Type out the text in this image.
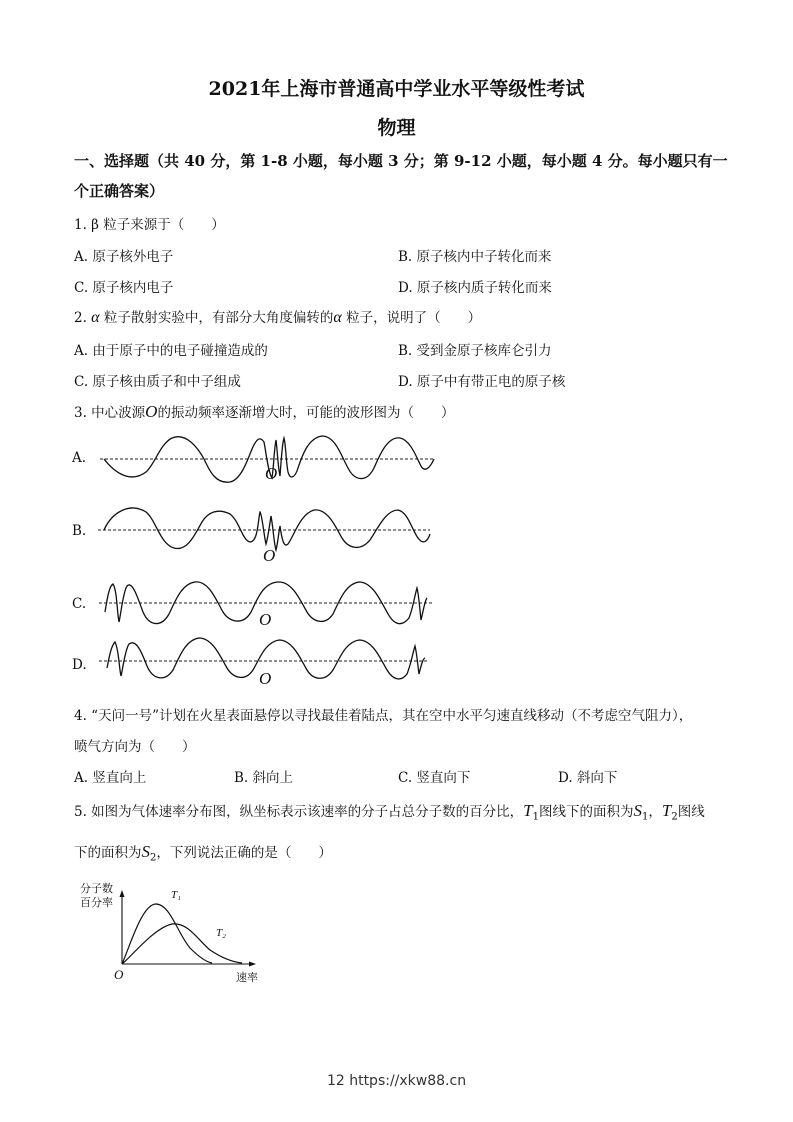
2021年上海市普通高中学业水平等级性考试
物理
一、选择题（共 40 分，第 1-8 小题，每小题 3 分；第 9-12 小题，每小题 4 分。每小题只有一
个正确答案）
1. β 粒子来源于（　　）
A. 原子核外电子	B. 原子核内中子转化而来
C. 原子核内电子	D. 原子核内质子转化而来
2. α 粒子散射实验中，有部分大角度偏转的α 粒子，说明了（　　）
A. 由于原子中的电子碰撞造成的	B. 受到金原子核库仑引力
C. 原子核由质子和中子组成	D. 原子中有带正电的原子核
3. 中心波源O的振动频率逐渐增大时，可能的波形图为（　　）
A.
B.
C.
D.
O
O
O
O
4. “天问一号”计划在火星表面悬停以寻找最佳着陆点，其在空中水平匀速直线移动（不考虑空气阻力），
喷气方向为（　　）
A. 竖直向上	B. 斜向上	C. 竖直向下	D. 斜向下
5. 如图为气体速率分布图，纵坐标表示该速率的分子占总分子数的百分比，$T_1$图线下的面积为$S_1$，$T_2$图线
下的面积为$S_2$，下列说法正确的是（　　）
分子数
百分率
T₁
T₂
O	速率
12 https://xkw88.cn
